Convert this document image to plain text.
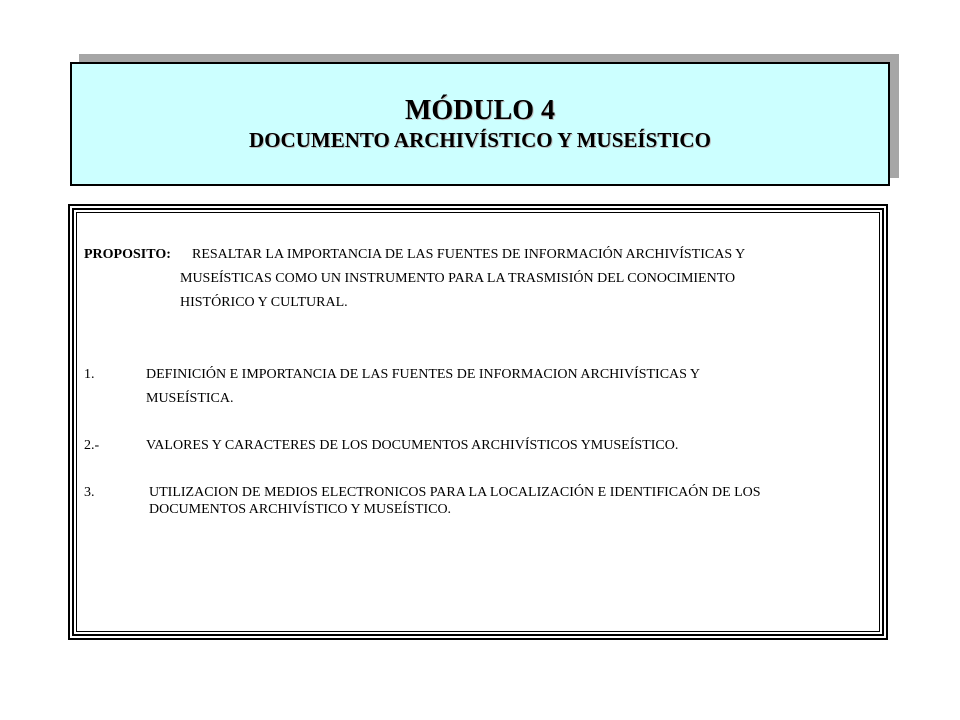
MÓDULO 4
DOCUMENTO ARCHIVÍSTICO Y MUSEÍSTICO
PROPOSITO: RESALTAR LA IMPORTANCIA DE LAS FUENTES DE INFORMACIÓN ARCHIVÍSTICAS Y
MUSEÍSTICAS COMO UN INSTRUMENTO PARA LA TRASMISIÓN DEL CONOCIMIENTO
HISTÓRICO Y CULTURAL.
1.	DEFINICIÓN E IMPORTANCIA DE LAS FUENTES DE INFORMACION ARCHIVÍSTICAS Y
MUSEÍSTICA.
2.-	VALORES Y CARACTERES DE LOS DOCUMENTOS ARCHIVÍSTICOS YMUSEÍSTICO.
3.	UTILIZACION DE MEDIOS ELECTRONICOS PARA LA LOCALIZACIÓN E IDENTIFICAÓN DE LOS
DOCUMENTOS ARCHIVÍSTICO Y MUSEÍSTICO.
